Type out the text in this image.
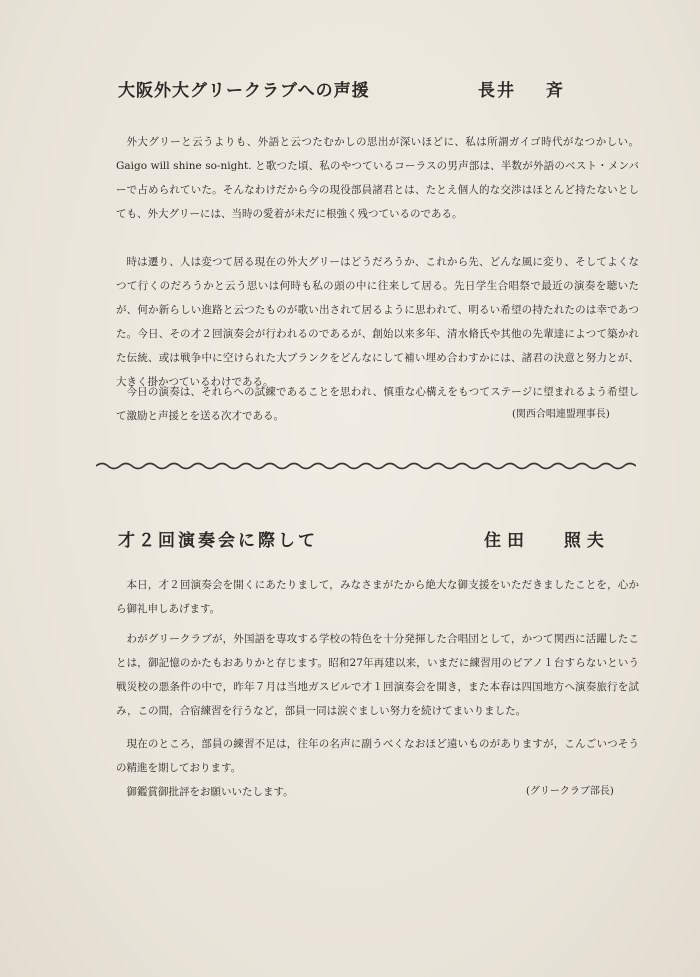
大阪外大グリークラブへの声援	長井 斉

外大グリーと云うよりも、外語と云つたむかしの思出が深いほどに、私は所謂ガイゴ時代がなつかしい。Gaigo will shine so-night. と歌つた頃、私のやつているコーラスの男声部は、半数が外語のベスト・メンバーで占められていた。そんなわけだから今の現役部員諸君とは、たとえ個人的な交渉はほとんど持たないとしても、外大グリーには、当時の愛着が未だに根強く残つているのである。

時は遷り、人は変つて居る現在の外大グリーはどうだろうか、これから先、どんな風に変り、そしてよくなつて行くのだろうかと云う思いは何時も私の頭の中に往来して居る。先日学生合唱祭で最近の演奏を聴いたが、何か新らしい進路と云つたものが歌い出されて居るように思われて、明るい希望の持たれたのは幸であつた。今日、その才２回演奏会が行われるのであるが、創始以来多年、清水脩氏や其他の先輩達によつて築かれた伝統、或は戦争中に空けられた大ブランクをどんなにして補い埋め合わすかには、諸君の決意と努力とが、大きく掛かつているわけである。

今日の演奏は、それらへの試練であることを思われ、慎重な心構えをもつてステージに望まれるよう希望して激励と声援とを送る次才である。	(関西合唱連盟理事長)
才２回演奏会に際して	住田 照夫

本日，才２回演奏会を開くにあたりまして，みなさまがたから絶大な御支援をいただきましたことを，心から御礼申しあげます。

わがグリークラブが，外国語を専攻する学校の特色を十分発揮した合唱団として，かつて関西に活躍したことは，御記憶のかたもおありかと存じます。昭和27年再建以来，いまだに練習用のピアノ１台すらないという戦災校の悪条件の中で，昨年７月は当地ガスビルで才１回演奏会を開き，また本春は四国地方へ演奏旅行を試み，この間，合宿練習を行うなど，部員一同は涙ぐましい努力を続けてまいりました。

現在のところ，部員の練習不足は，往年の名声に副うべくなおほど遠いものがありますが，こんごいつそうの精進を期しております。

御鑑賞御批評をお願いいたします。	(グリークラブ部長)
